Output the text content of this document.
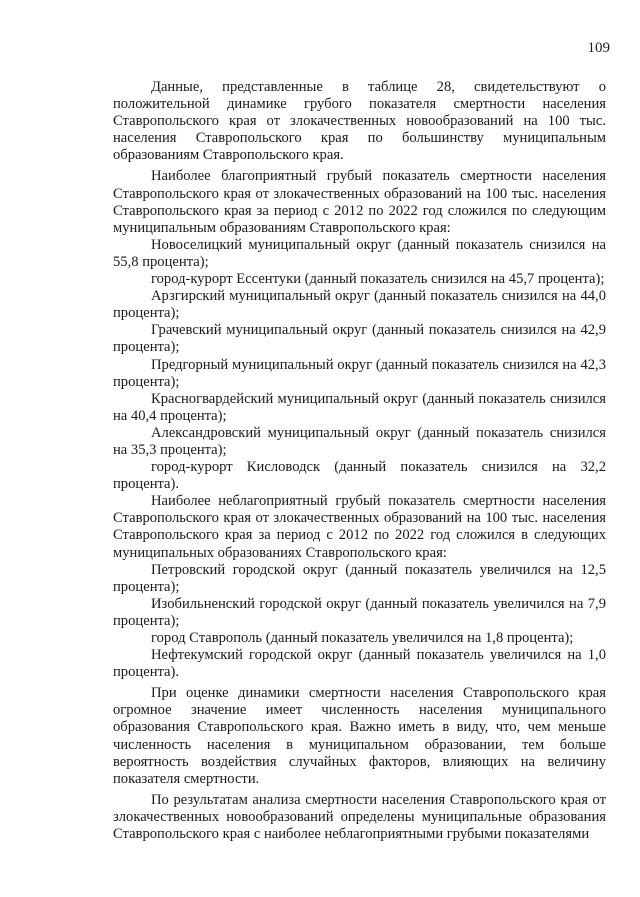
109

Данные, представленные в таблице 28, свидетельствуют о положительной динамике грубого показателя смертности населения Ставропольского края от злокачественных новообразований на 100 тыс. населения Ставропольского края по большинству муниципальным образованиям Ставропольского края.

Наиболее благоприятный грубый показатель смертности населения Ставропольского края от злокачественных образований на 100 тыс. населения Ставропольского края за период с 2012 по 2022 год сложился по следующим муниципальным образованиям Ставропольского края:

Новоселицкий муниципальный округ (данный показатель снизился на 55,8 процента);

город-курорт Ессентуки (данный показатель снизился на 45,7 процента);

Арзгирский муниципальный округ (данный показатель снизился на 44,0 процента);

Грачевский муниципальный округ (данный показатель снизился на 42,9 процента);

Предгорный муниципальный округ (данный показатель снизился на 42,3 процента);

Красногвардейский муниципальный округ (данный показатель снизился на 40,4 процента);

Александровский муниципальный округ (данный показатель снизился на 35,3 процента);

город-курорт Кисловодск (данный показатель снизился на 32,2 процента).

Наиболее неблагоприятный грубый показатель смертности населения Ставропольского края от злокачественных образований на 100 тыс. населения Ставропольского края за период с 2012 по 2022 год сложился в следующих муниципальных образованиях Ставропольского края:

Петровский городской округ (данный показатель увеличился на 12,5 процента);

Изобильненский городской округ (данный показатель увеличился на 7,9 процента);

город Ставрополь (данный показатель увеличился на 1,8 процента);

Нефтекумский городской округ (данный показатель увеличился на 1,0 процента).

При оценке динамики смертности населения Ставропольского края огромное значение имеет численность населения муниципального образования Ставропольского края. Важно иметь в виду, что, чем меньше численность населения в муниципальном образовании, тем больше вероятность воздействия случайных факторов, влияющих на величину показателя смертности.

По результатам анализа смертности населения Ставропольского края от злокачественных новообразований определены муниципальные образования Ставропольского края с наиболее неблагоприятными грубыми показателями
